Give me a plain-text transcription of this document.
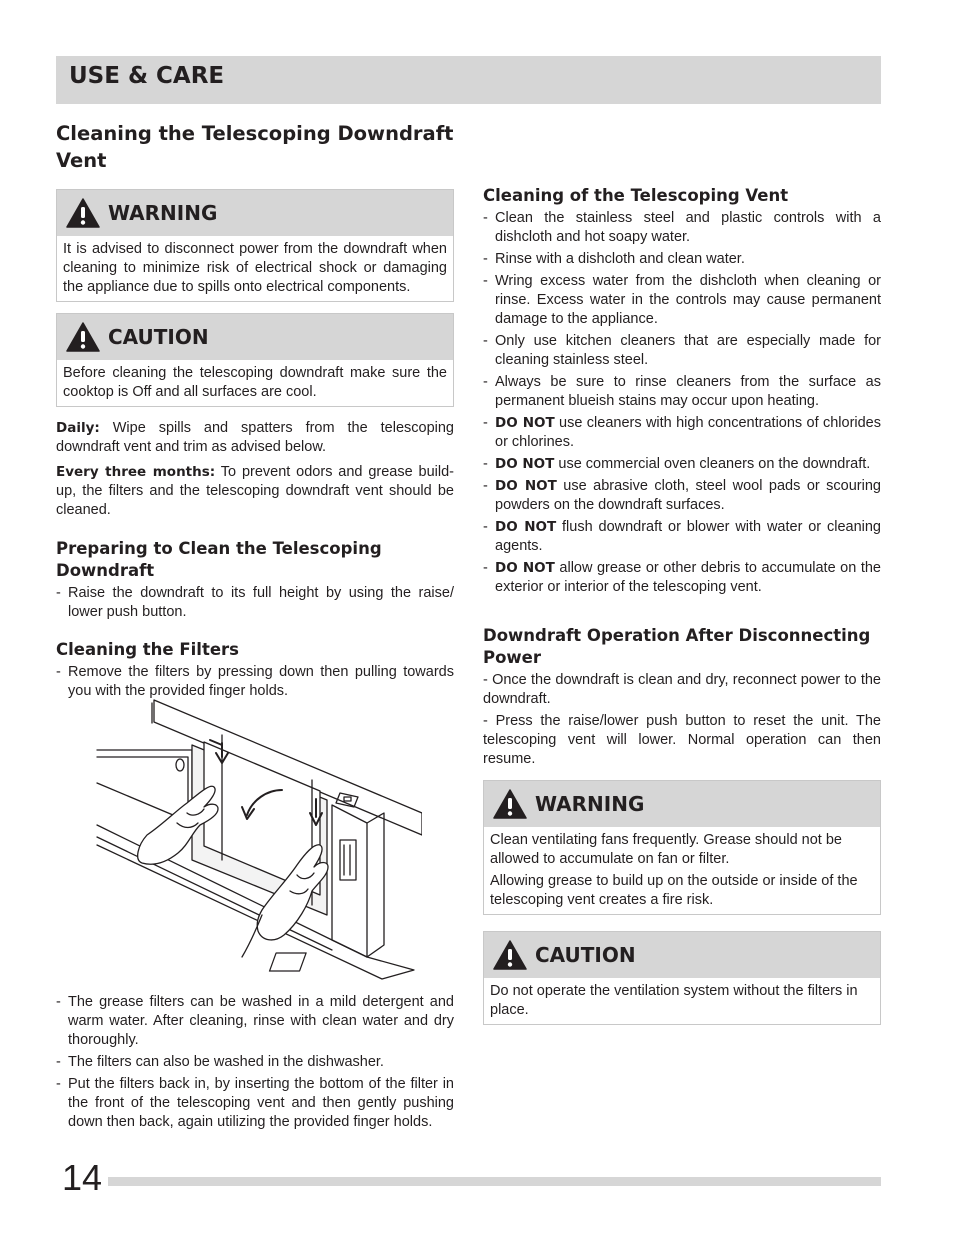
USE & CARE
Cleaning the Telescoping Downdraft Vent
WARNING

It is advised to disconnect power from the downdraft when cleaning to minimize risk of electrical shock or damaging the appliance due to spills onto electrical components.

CAUTION

Before cleaning the telescoping downdraft make sure the cooktop is Off and all surfaces are cool.

Daily: Wipe spills and spatters from the telescoping downdraft vent and trim as advised below.

Every three months: To prevent odors and grease build-up, the filters and the telescoping downdraft vent should be cleaned.

Preparing to Clean the Telescoping Downdraft
- Raise the downdraft to its full height by using the raise/ lower push button.
Cleaning the Filters
- Remove the filters by pressing down then pulling towards you with the provided finger holds.
- The grease filters can be washed in a mild detergent and warm water. After cleaning, rinse with clean water and dry thoroughly.
- The filters can also be washed in the dishwasher.
- Put the filters back in, by inserting the bottom of the filter in the front of the telescoping vent and then gently pushing down then back, again utilizing the provided finger holds.
Cleaning of the Telescoping Vent
- Clean the stainless steel and plastic controls with a dishcloth and hot soapy water.
- Rinse with a dishcloth and clean water.
- Wring excess water from the dishcloth when cleaning or rinse. Excess water in the controls may cause permanent damage to the appliance.
- Only use kitchen cleaners that are especially made for cleaning stainless steel.
- Always be sure to rinse cleaners from the surface as permanent blueish stains may occur upon heating.
- DO NOT use cleaners with high concentrations of chlorides or chlorines.
- DO NOT use commercial oven cleaners on the downdraft.
- DO NOT use abrasive cloth, steel wool pads or scouring powders on the downdraft surfaces.
- DO NOT flush downdraft or blower with water or cleaning agents.
- DO NOT allow grease or other debris to accumulate on the exterior or interior of the telescoping vent.
Downdraft Operation After Disconnecting Power

- Once the downdraft is clean and dry, reconnect power to the downdraft.

- Press the raise/lower push button to reset the unit. The telescoping vent will lower. Normal operation can then resume.

WARNING

Clean ventilating fans frequently. Grease should not be allowed to accumulate on fan or filter.

Allowing grease to build up on the outside or inside of the telescoping vent creates a fire risk.

CAUTION

Do not operate the ventilation system without the filters in place.

14
